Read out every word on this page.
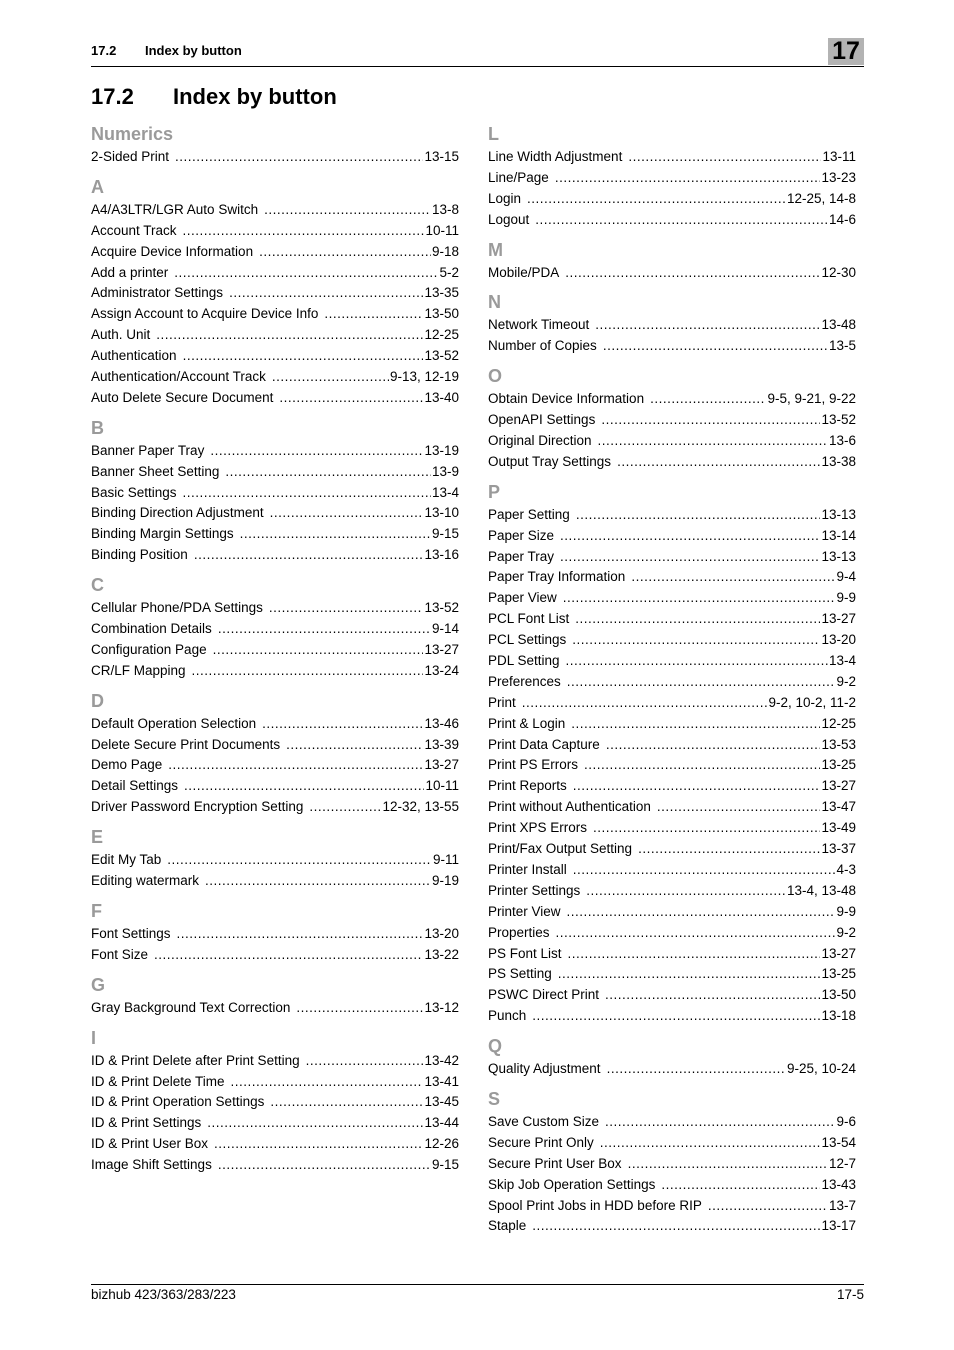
17.2 Index by button	17
17.2 Index by button
Numerics
2-Sided Print .....	13-15
A
A4/A3LTR/LGR Auto Switch .....	13-8
Account Track .....	10-11
Acquire Device Information .....	9-18
Add a printer .....	5-2
Administrator Settings .....	13-35
Assign Account to Acquire Device Info .....	13-50
Auth. Unit .....	12-25
Authentication .....	13-52
Authentication/Account Track .....	9-13, 12-19
Auto Delete Secure Document .....	13-40
B
Banner Paper Tray .....	13-19
Banner Sheet Setting .....	13-9
Basic Settings .....	13-4
Binding Direction Adjustment .....	13-10
Binding Margin Settings .....	9-15
Binding Position .....	13-16
C
Cellular Phone/PDA Settings .....	13-52
Combination Details .....	9-14
Configuration Page .....	13-27
CR/LF Mapping .....	13-24
D
Default Operation Selection .....	13-46
Delete Secure Print Documents .....	13-39
Demo Page .....	13-27
Detail Settings .....	10-11
Driver Password Encryption Setting .....	12-32, 13-55
E
Edit My Tab .....	9-11
Editing watermark .....	9-19
F
Font Settings .....	13-20
Font Size .....	13-22
G
Gray Background Text Correction .....	13-12
I
ID & Print Delete after Print Setting .....	13-42
ID & Print Delete Time .....	13-41
ID & Print Operation Settings .....	13-45
ID & Print Settings .....	13-44
ID & Print User Box .....	12-26
Image Shift Settings .....	9-15
L
Line Width Adjustment .....	13-11
Line/Page .....	13-23
Login .....	12-25, 14-8
Logout .....	14-6
M
Mobile/PDA .....	12-30
N
Network Timeout .....	13-48
Number of Copies .....	13-5
O
Obtain Device Information .....	9-5, 9-21, 9-22
OpenAPI Settings .....	13-52
Original Direction .....	13-6
Output Tray Settings .....	13-38
P
Paper Setting .....	13-13
Paper Size .....	13-14
Paper Tray .....	13-13
Paper Tray Information .....	9-4
Paper View .....	9-9
PCL Font List .....	13-27
PCL Settings .....	13-20
PDL Setting .....	13-4
Preferences .....	9-2
Print .....	9-2, 10-2, 11-2
Print & Login .....	12-25
Print Data Capture .....	13-53
Print PS Errors .....	13-25
Print Reports .....	13-27
Print without Authentication .....	13-47
Print XPS Errors .....	13-49
Print/Fax Output Setting .....	13-37
Printer Install .....	4-3
Printer Settings .....	13-4, 13-48
Printer View .....	9-9
Properties .....	9-2
PS Font List .....	13-27
PS Setting .....	13-25
PSWC Direct Print .....	13-50
Punch .....	13-18
Q
Quality Adjustment .....	9-25, 10-24
S
Save Custom Size .....	9-6
Secure Print Only .....	13-54
Secure Print User Box .....	12-7
Skip Job Operation Settings .....	13-43
Spool Print Jobs in HDD before RIP .....	13-7
Staple .....	13-17
bizhub 423/363/283/223	17-5
